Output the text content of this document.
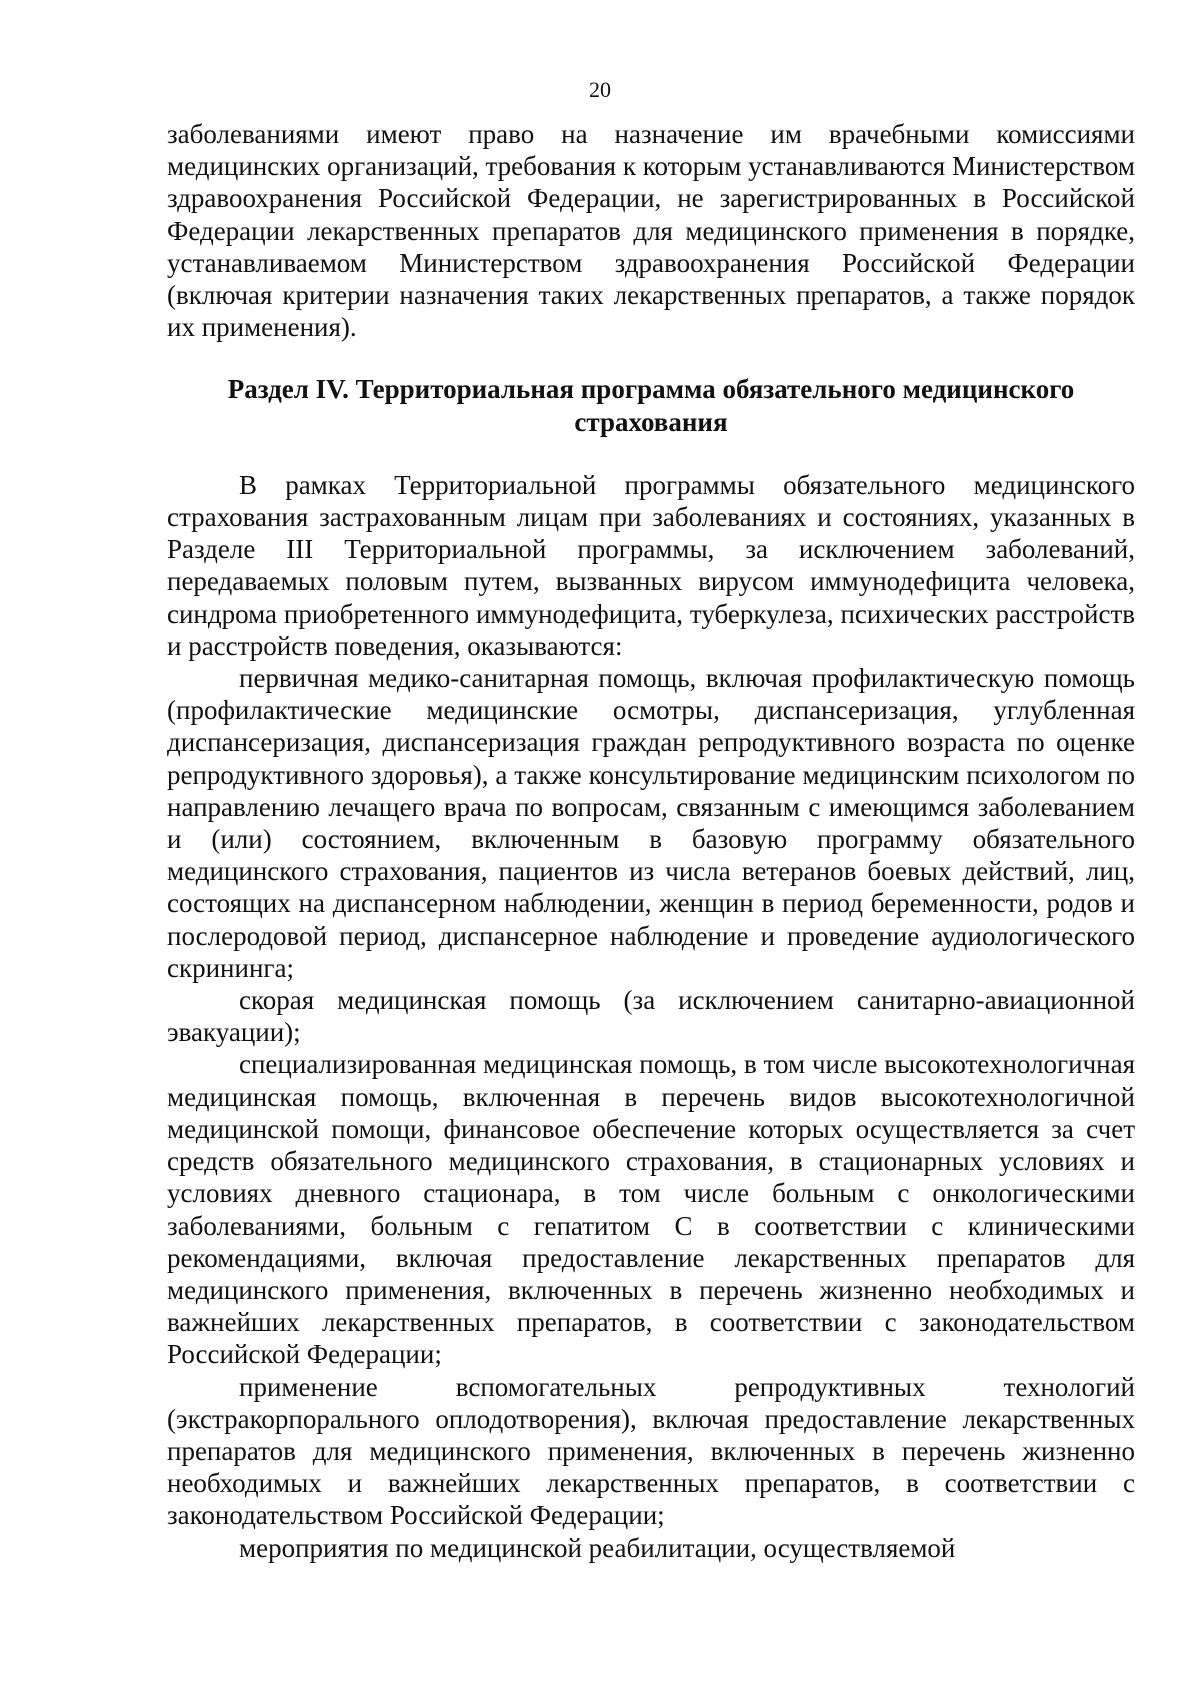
20

заболеваниями имеют право на назначение им врачебными комиссиями медицинских организаций, требования к которым устанавливаются Министерством здравоохранения Российской Федерации, не зарегистрированных в Российской Федерации лекарственных препаратов для медицинского применения в порядке, устанавливаемом Министерством здравоохранения Российской Федерации (включая критерии назначения таких лекарственных препаратов, а также порядок их применения).

Раздел IV. Территориальная программа обязательного медицинского
страхования

В рамках Территориальной программы обязательного медицинского страхования застрахованным лицам при заболеваниях и состояниях, указанных в Разделе III Территориальной программы, за исключением заболеваний, передаваемых половым путем, вызванных вирусом иммунодефицита человека, синдрома приобретенного иммунодефицита, туберкулеза, психических расстройств и расстройств поведения, оказываются:

первичная медико-санитарная помощь, включая профилактическую помощь (профилактические медицинские осмотры, диспансеризация, углубленная диспансеризация, диспансеризация граждан репродуктивного возраста по оценке репродуктивного здоровья), а также консультирование медицинским психологом по направлению лечащего врача по вопросам, связанным с имеющимся заболеванием и (или) состоянием, включенным в базовую программу обязательного медицинского страхования, пациентов из числа ветеранов боевых действий, лиц, состоящих на диспансерном наблюдении, женщин в период беременности, родов и послеродовой период, диспансерное наблюдение и проведение аудиологического скрининга;

скорая медицинская помощь (за исключением санитарно-авиационной эвакуации);

специализированная медицинская помощь, в том числе высокотехнологичная медицинская помощь, включенная в перечень видов высокотехнологичной медицинской помощи, финансовое обеспечение которых осуществляется за счет средств обязательного медицинского страхования, в стационарных условиях и условиях дневного стационара, в том числе больным с онкологическими заболеваниями, больным с гепатитом С в соответствии с клиническими рекомендациями, включая предоставление лекарственных препаратов для медицинского применения, включенных в перечень жизненно необходимых и важнейших лекарственных препаратов, в соответствии с законодательством Российской Федерации;

применение вспомогательных репродуктивных технологий (экстракорпорального оплодотворения), включая предоставление лекарственных препаратов для медицинского применения, включенных в перечень жизненно необходимых и важнейших лекарственных препаратов, в соответствии с законодательством Российской Федерации;

мероприятия по медицинской реабилитации, осуществляемой
